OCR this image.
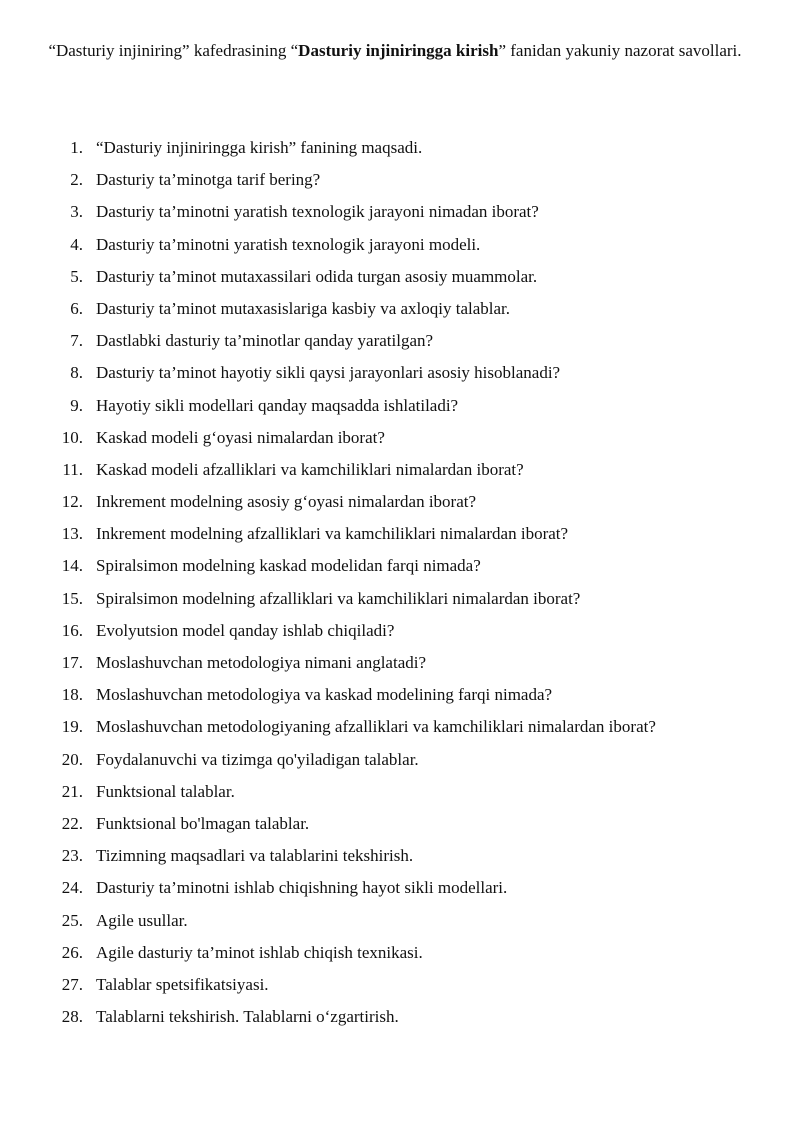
“Dasturiy injiniring” kafedrasining “Dasturiy injiniringga kirish” fanidan yakuniy nazorat savollari.
1. “Dasturiy injiniringga kirish” fanining maqsadi.
2. Dasturiy ta’minotga tarif bering?
3. Dasturiy ta’minotni yaratish texnologik jarayoni nimadan iborat?
4. Dasturiy ta’minotni yaratish texnologik jarayoni modeli.
5. Dasturiy ta’minot mutaxassilari odida turgan asosiy muammolar.
6. Dasturiy ta’minot mutaxasislariga kasbiy va axloqiy talablar.
7. Dastlabki dasturiy ta’minotlar qanday yaratilgan?
8. Dasturiy ta’minot hayotiy sikli qaysi jarayonlari asosiy hisoblanadi?
9. Hayotiy sikli modellari qanday maqsadda ishlatiladi?
10. Kaskad modeli g‘oyasi nimalardan iborat?
11. Kaskad modeli afzalliklari va kamchiliklari nimalardan iborat?
12. Inkrement modelning asosiy g‘oyasi nimalardan iborat?
13. Inkrement modelning afzalliklari va kamchiliklari nimalardan iborat?
14. Spiralsimon modelning kaskad modelidan farqi nimada?
15. Spiralsimon modelning afzalliklari va kamchiliklari nimalardan iborat?
16. Evolyutsion model qanday ishlab chiqiladi?
17. Moslashuvchan metodologiya nimani anglatadi?
18. Moslashuvchan metodologiya va kaskad modelining farqi nimada?
19. Moslashuvchan metodologiyaning afzalliklari va kamchiliklari nimalardan iborat?
20. Foydalanuvchi va tizimga qo'yiladigan talablar.
21. Funktsional talablar.
22. Funktsional bo'lmagan talablar.
23. Tizimning maqsadlari va talablarini tekshirish.
24. Dasturiy ta’minotni ishlab chiqishning hayot sikli modellari.
25. Agile usullar.
26. Agile dasturiy ta’minot ishlab chiqish texnikasi.
27. Talablar spetsifikatsiyasi.
28. Talablarni tekshirish. Talablarni o‘zgartirish.
